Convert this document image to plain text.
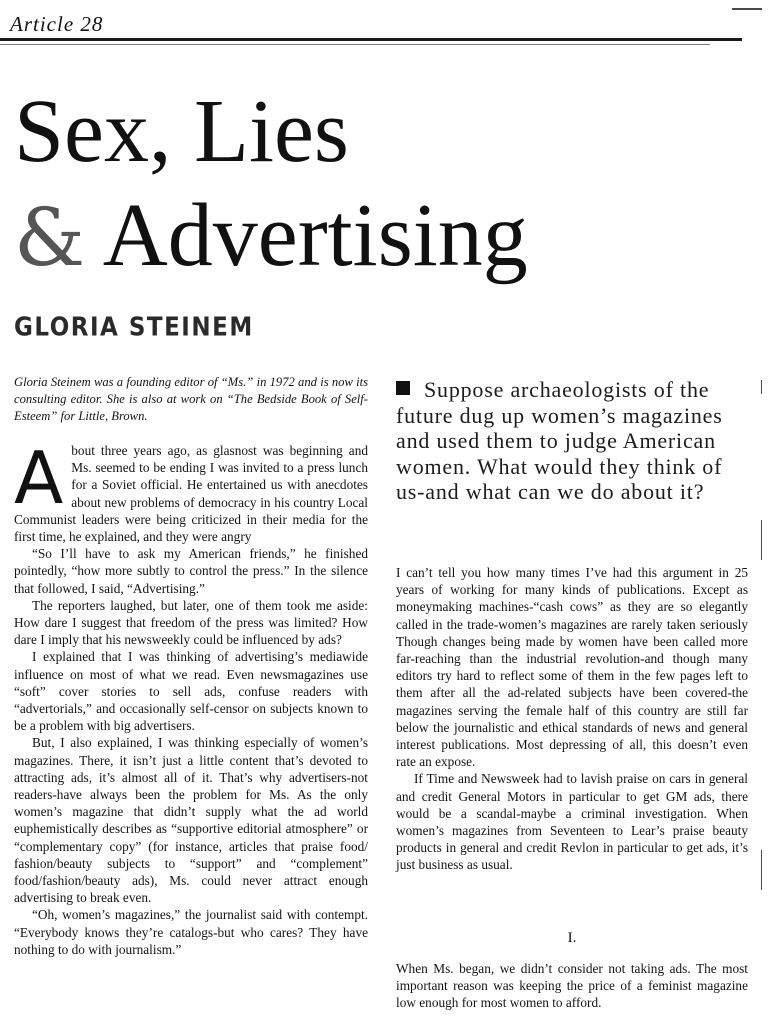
Article 28
Sex, Lies
& Advertising
GLORIA STEINEM
Gloria Steinem was a founding editor of “Ms.” in 1972 and is now its consulting editor. She is also at work on “The Bedside Book of Self-Esteem” for Little, Brown.
A bout three years ago, as glasnost was beginning and Ms. seemed to be ending I was invited to a press lunch for a Soviet official. He entertained us with anecdotes about new problems of democracy in his country Local Communist leaders were being criticized in their media for the first time, he explained, and they were angry

“So I’ll have to ask my American friends,” he finished pointedly, “how more subtly to control the press.” In the silence that followed, I said, “Advertising.”

The reporters laughed, but later, one of them took me aside: How dare I suggest that freedom of the press was limited? How dare I imply that his newsweekly could be influenced by ads?

I explained that I was thinking of advertising’s mediawide influence on most of what we read. Even newsmagazines use “soft” cover stories to sell ads, confuse readers with “advertorials,” and occasionally self-censor on subjects known to be a problem with big advertisers.

But, I also explained, I was thinking especially of women’s magazines. There, it isn’t just a little content that’s devoted to attracting ads, it’s almost all of it. That’s why advertisers-not readers-have always been the problem for Ms. As the only women’s magazine that didn’t supply what the ad world euphemistically describes as “supportive editorial atmosphere” or “complementary copy” (for instance, articles that praise food/ fashion/beauty subjects to “support” and “complement” food/fashion/beauty ads), Ms. could never attract enough advertising to break even.

“Oh, women’s magazines,” the journalist said with contempt. “Everybody knows they’re catalogs-but who cares? They have nothing to do with journalism.”

Suppose archaeologists of the future dug up women’s magazines and used them to judge American women. What would they think of us-and what can we do about it?

I can’t tell you how many times I’ve had this argument in 25 years of working for many kinds of publications. Except as moneymaking machines-“cash cows” as they are so elegantly called in the trade-women’s magazines are rarely taken seriously Though changes being made by women have been called more far-reaching than the industrial revolution-and though many editors try hard to reflect some of them in the few pages left to them after all the ad-related subjects have been covered-the magazines serving the female half of this country are still far below the journalistic and ethical standards of news and general interest publications. Most depressing of all, this doesn’t even rate an expose.

If Time and Newsweek had to lavish praise on cars in general and credit General Motors in particular to get GM ads, there would be a scandal-maybe a criminal investigation. When women’s magazines from Seventeen to Lear’s praise beauty products in general and credit Revlon in particular to get ads, it’s just business as usual.

I.

When Ms. began, we didn’t consider not taking ads. The most important reason was keeping the price of a feminist magazine low enough for most women to afford.
